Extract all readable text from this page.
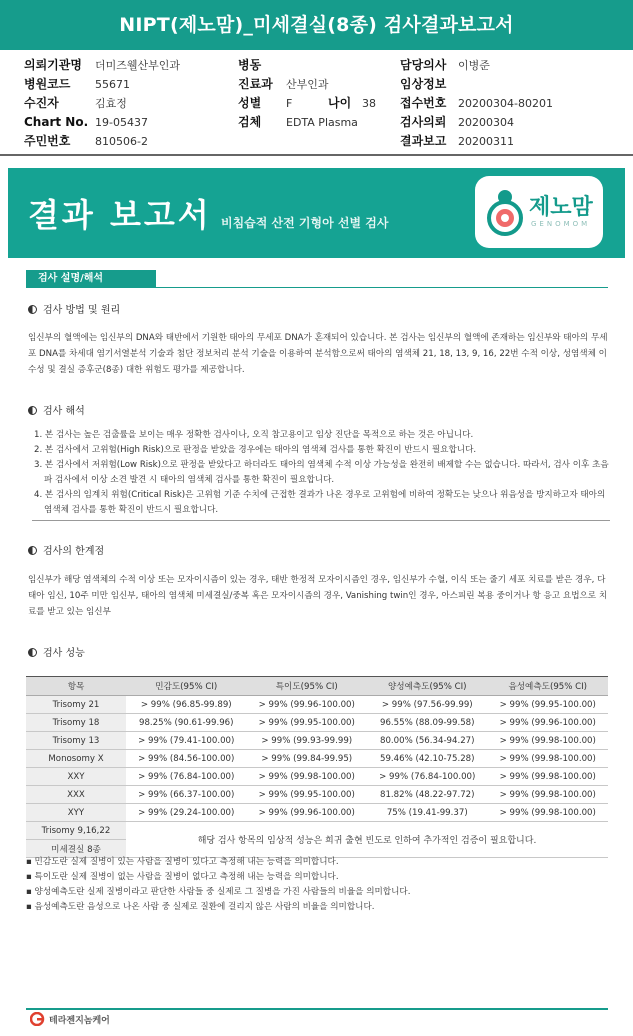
NIPT(제노맘)_미세결실(8종) 검사결과보고서
의뢰기관명 더미즈웰산부인과	병동	담당의사 이병준
병원코드 55671	진료과 산부인과	임상정보
수진자	김효정	성별 F	나이 38 접수번호 20200304-80201
Chart No. 19-05437	검체 EDTA Plasma	검사의뢰 20200304
주민번호 810506-2	결과보고 20200311
결과 보고서 비침습적 산전 기형아 선별 검사
제노맘
GENOMOM
검사 설명/해석
검사 방법 및 원리
임신부의 혈액에는 임신부의 DNA와 태반에서 기원한 태아의 무세포 DNA가 혼재되어 있습니다. 본 검사는 임신부의 혈액에 존재하는 임신부와 태아의 무세포 DNA를 차세대 염기서열분석 기술과 첨단 정보처리 분석 기술을 이용하여 분석함으로써 태아의 염색체 21, 18, 13, 9, 16, 22번 수적 이상, 성염색체 이수성 및 결실 증후군(8종) 대한 위험도 평가를 제공합니다.
검사 해석
1. 본 검사는 높은 검출률을 보이는 매우 정확한 검사이나, 오직 참고용이고 임상 진단을 목적으로 하는 것은 아닙니다.
2. 본 검사에서 고위험(High Risk)으로 판정을 받았을 경우에는 태아의 염색체 검사를 통한 확진이 반드시 필요합니다.
3. 본 검사에서 저위험(Low Risk)으로 판정을 받았다고 하더라도 태아의 염색체 수적 이상 가능성을 완전히 배제할 수는 없습니다. 따라서, 검사 이후 초음파 검사에서 이상 소견 발견 시 태아의 염색체 검사를 통한 확진이 필요합니다.
4. 본 검사의 임계치 위험(Critical Risk)은 고위험 기준 수치에 근접한 결과가 나온 경우로 고위험에 비하여 정확도는 낮으나 위음성을 방지하고자 태아의 염색체 검사를 통한 확진이 반드시 필요합니다.
검사의 한계점
임신부가 해당 염색체의 수적 이상 또는 모자이시즘이 있는 경우, 태반 한정적 모자이시즘인 경우, 임신부가 수혈, 이식 또는 줄기 세포 치료를 받은 경우, 다태아 임신, 10주 미만 임신부, 태아의 염색체 미세결실/중복 혹은 모자이시즘의 경우, Vanishing twin인 경우, 아스피린 복용 중이거나 항 응고 요법으로 치료를 받고 있는 임신부
검사 성능
항목	민감도(95% CI)	특이도(95% CI)	양성예측도(95% CI)	음성예측도(95% CI)
Trisomy 21	> 99% (96.85-99.89)	> 99% (99.96-100.00)	> 99% (97.56-99.99)	> 99% (99.95-100.00)
Trisomy 18	98.25% (90.61-99.96)	> 99% (99.95-100.00)	96.55% (88.09-99.58)	> 99% (99.96-100.00)
Trisomy 13	> 99% (79.41-100.00)	> 99% (99.93-99.99)	80.00% (56.34-94.27)	> 99% (99.98-100.00)
Monosomy X	> 99% (84.56-100.00)	> 99% (99.84-99.95)	59.46% (42.10-75.28)	> 99% (99.98-100.00)
XXY	> 99% (76.84-100.00)	> 99% (99.98-100.00)	> 99% (76.84-100.00)	> 99% (99.98-100.00)
XXX	> 99% (66.37-100.00)	> 99% (99.95-100.00)	81.82% (48.22-97.72)	> 99% (99.98-100.00)
XYY	> 99% (29.24-100.00)	> 99% (99.96-100.00)	75% (19.41-99.37)	> 99% (99.98-100.00)
Trisomy 9,16,22	해당 검사 항목의 임상적 성능은 희귀 출현 빈도로 인하여 추가적인 검증이 필요합니다.			
미세결실 8종				
▪ 민감도란 실제 질병이 있는 사람을 질병이 있다고 측정해 내는 능력을 의미합니다.
▪ 특이도란 실제 질병이 없는 사람을 질병이 없다고 측정해 내는 능력을 의미합니다.
▪ 양성예측도란 실제 질병이라고 판단한 사람들 중 실제로 그 질병을 가진 사람들의 비율을 의미합니다.
▪ 음성예측도란 음성으로 나온 사람 중 실제로 질환에 걸리지 않은 사람의 비율을 의미합니다.
테라젠지놈케어
